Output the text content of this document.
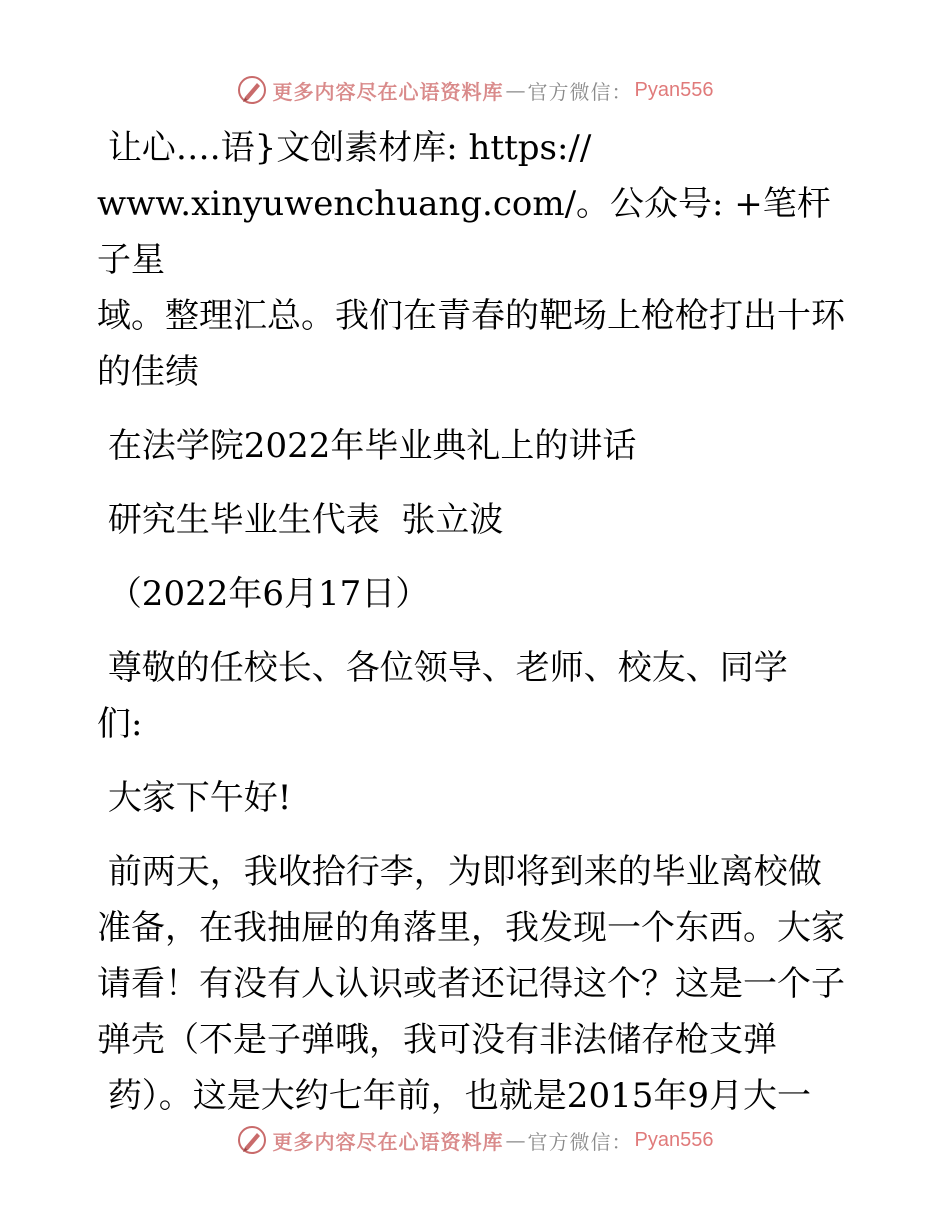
更多内容尽在心语资料库 — 官方微信： Pyan556

让心….语}文创素材库: https://

www.xinyuwenchuang.com/。公众号: +笔杆子星

域。整理汇总。我们在青春的靶场上枪枪打出十环

的佳绩

在法学院2022年毕业典礼上的讲话

研究生毕业生代表  张立波

（2022年6月17日）

尊敬的任校长、各位领导、老师、校友、同学

们:

大家下午好!

前两天，我收拾行李，为即将到来的毕业离校做

准备，在我抽屉的角落里，我发现一个东西。大家

请看！有没有人认识或者还记得这个？这是一个子

弹壳（不是子弹哦，我可没有非法储存枪支弹

药）。这是大约七年前，也就是2015年9月大一

更多内容尽在心语资料库 — 官方微信： Pyan556
